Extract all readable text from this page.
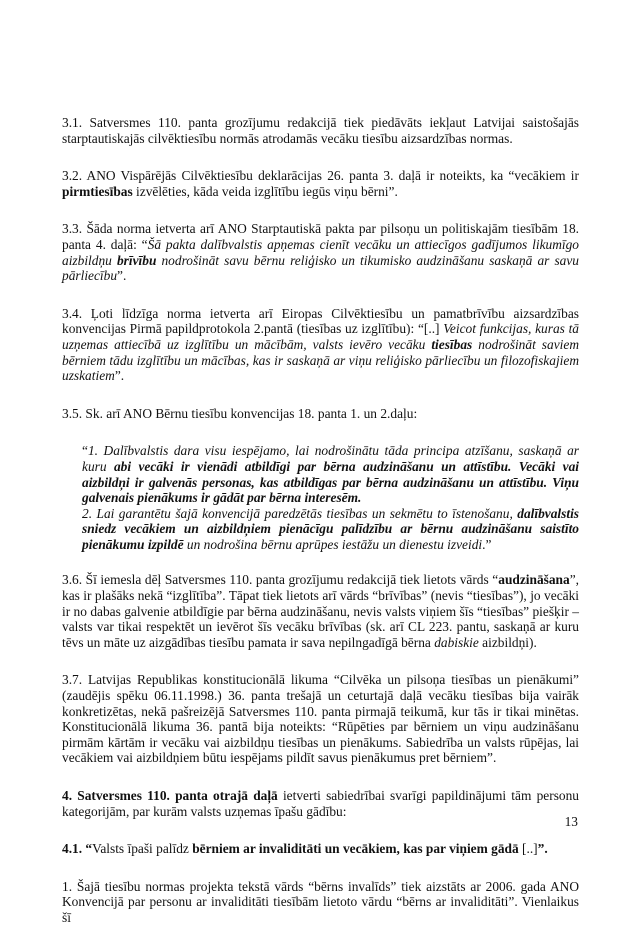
3.1. Satversmes 110. panta grozījumu redakcijā tiek piedāvāts iekļaut Latvijai saistošajās starptautiskajās cilvēktiesību normās atrodamās vecāku tiesību aizsardzības normas.

3.2. ANO Vispārējās Cilvēktiesību deklarācijas 26. panta 3. daļā ir noteikts, ka “vecākiem ir pirmtiesības izvēlēties, kāda veida izglītību iegūs viņu bērni”.

3.3. Šāda norma ietverta arī ANO Starptautiskā pakta par pilsoņu un politiskajām tiesībām 18. panta 4. daļā: “Šā pakta dalībvalstis apņemas cienīt vecāku un attiecīgos gadījumos likumīgo aizbildņu brīvību nodrošināt savu bērnu reliģisko un tikumisko audzināšanu saskaņā ar savu pārliecību”.

3.4. Ļoti līdzīga norma ietverta arī Eiropas Cilvēktiesību un pamatbrīvību aizsardzības konvencijas Pirmā papildprotokola 2.pantā (tiesības uz izglītību): “[..] Veicot funkcijas, kuras tā uzņemas attiecībā uz izglītību un mācībām, valsts ievēro vecāku tiesības nodrošināt saviem bērniem tādu izglītību un mācības, kas ir saskaņā ar viņu reliģisko pārliecību un filozofiskajiem uzskatiem”.

3.5. Sk. arī ANO Bērnu tiesību konvencijas 18. panta 1. un 2.daļu:

“1. Dalībvalstis dara visu iespējamo, lai nodrošinātu tāda principa atzīšanu, saskaņā ar kuru abi vecāki ir vienādi atbildīgi par bērna audzināšanu un attīstību. Vecāki vai aizbildņi ir galvenās personas, kas atbildīgas par bērna audzināšanu un attīstību. Viņu galvenais pienākums ir gādāt par bērna interesēm.
2. Lai garantētu šajā konvencijā paredzētās tiesības un sekmētu to īstenošanu, dalībvalstis sniedz vecākiem un aizbildņiem pienācīgu palīdzību ar bērnu audzināšanu saistīto pienākumu izpildē un nodrošina bērnu aprūpes iestāžu un dienestu izveidi.”

3.6. Šī iemesla dēļ Satversmes 110. panta grozījumu redakcijā tiek lietots vārds “audzināšana”, kas ir plašāks nekā “izglītība”. Tāpat tiek lietots arī vārds “brīvības” (nevis “tiesības”), jo vecāki ir no dabas galvenie atbildīgie par bērna audzināšanu, nevis valsts viņiem šīs “tiesības” piešķir – valsts var tikai respektēt un ievērot šīs vecāku brīvības (sk. arī CL 223. pantu, saskaņā ar kuru tēvs un māte uz aizgādības tiesību pamata ir sava nepilngadīgā bērna dabiskie aizbildņi).

3.7. Latvijas Republikas konstitucionālā likuma “Cilvēka un pilsoņa tiesības un pienākumi” (zaudējis spēku 06.11.1998.) 36. panta trešajā un ceturtajā daļā vecāku tiesības bija vairāk konkretizētas, nekā pašreizējā Satversmes 110. panta pirmajā teikumā, kur tās ir tikai minētas. Konstitucionālā likuma 36. pantā bija noteikts: “Rūpēties par bērniem un viņu audzināšanu pirmām kārtām ir vecāku vai aizbildņu tiesības un pienākums. Sabiedrība un valsts rūpējas, lai vecākiem vai aizbildņiem būtu iespējams pildīt savus pienākumus pret bērniem”.

4. Satversmes 110. panta otrajā daļā ietverti sabiedrībai svarīgi papildinājumi tām personu kategorijām, par kurām valsts uzņemas īpašu gādību:

4.1. “Valsts īpaši palīdz bērniem ar invaliditāti un vecākiem, kas par viņiem gādā [..]”.

1. Šajā tiesību normas projekta tekstā vārds “bērns invalīds” tiek aizstāts ar 2006. gada ANO Konvencijā par personu ar invaliditāti tiesībām lietoto vārdu “bērns ar invaliditāti”. Vienlaikus šī

13
